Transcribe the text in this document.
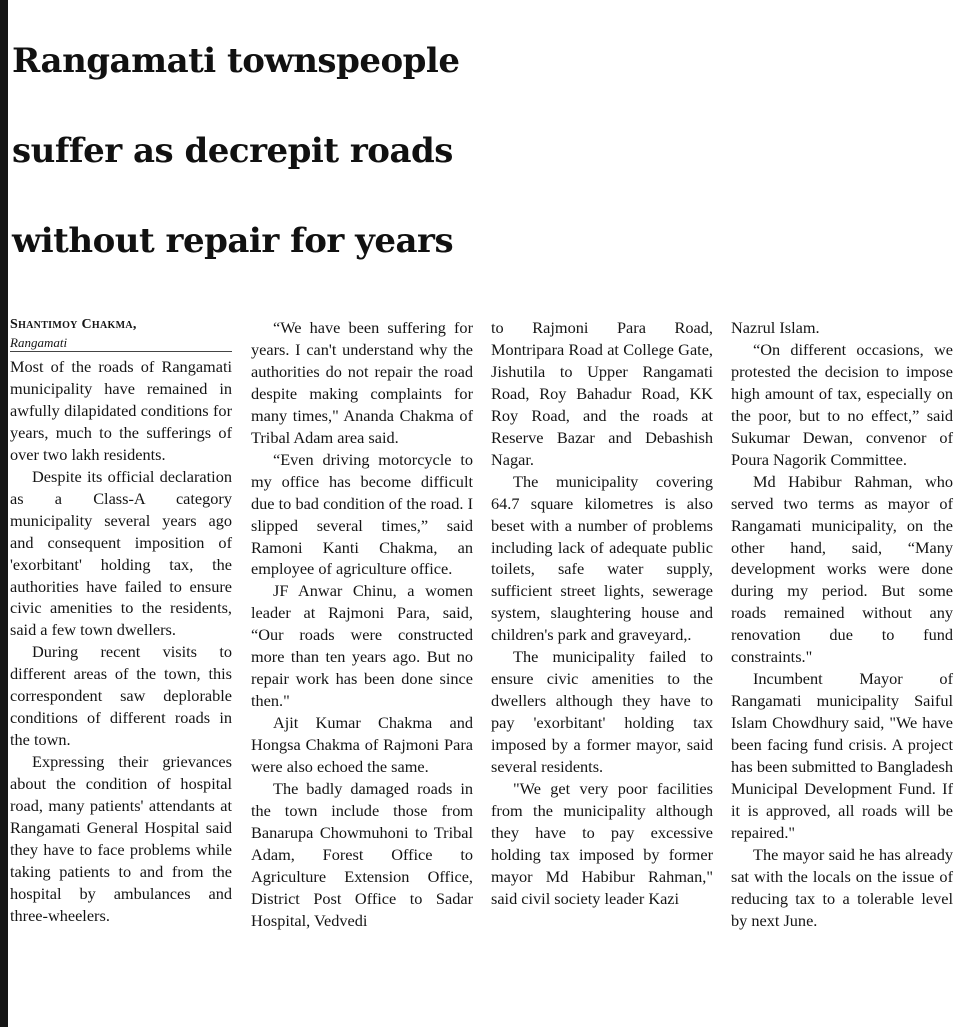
Rangamati townspeople
suffer as decrepit roads
without repair for years

Shantimoy Chakma,

Rangamati

Most of the roads of Rangamati municipality have remained in awfully dilapidated conditions for years, much to the sufferings of over two lakh residents.

Despite its official declaration as a Class-A category municipality several years ago and consequent imposition of 'exorbitant' holding tax, the authorities have failed to ensure civic amenities to the residents, said a few town dwellers.

During recent visits to different areas of the town, this correspondent saw deplorable conditions of different roads in the town.

Expressing their grievances about the condition of hospital road, many patients' attendants at Rangamati General Hospital said they have to face problems while taking patients to and from the hospital by ambulances and three-wheelers.

“We have been suffering for years. I can't understand why the authorities do not repair the road despite making complaints for many times," Ananda Chakma of Tribal Adam area said.

“Even driving motorcycle to my office has become difficult due to bad condition of the road. I slipped several times,” said Ramoni Kanti Chakma, an employee of agriculture office.

JF Anwar Chinu, a women leader at Rajmoni Para, said, “Our roads were constructed more than ten years ago. But no repair work has been done since then."

Ajit Kumar Chakma and Hongsa Chakma of Rajmoni Para were also echoed the same.

The badly damaged roads in the town include those from Banarupa Chowmuhoni to Tribal Adam, Forest Office to Agriculture Extension Office, District Post Office to Sadar Hospital, Vedvedi

to Rajmoni Para Road, Montripara Road at College Gate, Jishutila to Upper Rangamati Road, Roy Bahadur Road, KK Roy Road, and the roads at Reserve Bazar and Debashish Nagar.

The municipality covering 64.7 square kilometres is also beset with a number of problems including lack of adequate public toilets, safe water supply, sufficient street lights, sewerage system, slaughtering house and children's park and graveyard,.

The municipality failed to ensure civic amenities to the dwellers although they have to pay 'exorbitant' holding tax imposed by a former mayor, said several residents.

"We get very poor facilities from the municipality although they have to pay excessive holding tax imposed by former mayor Md Habibur Rahman," said civil society leader Kazi

Nazrul Islam.

“On different occasions, we protested the decision to impose high amount of tax, especially on the poor, but to no effect,” said Sukumar Dewan, convenor of Poura Nagorik Committee.

Md Habibur Rahman, who served two terms as mayor of Rangamati municipality, on the other hand, said, “Many development works were done during my period. But some roads remained without any renovation due to fund constraints."

Incumbent Mayor of Rangamati municipality Saiful Islam Chowdhury said, "We have been facing fund crisis. A project has been submitted to Bangladesh Municipal Development Fund. If it is approved, all roads will be repaired."

The mayor said he has already sat with the locals on the issue of reducing tax to a tolerable level by next June.
